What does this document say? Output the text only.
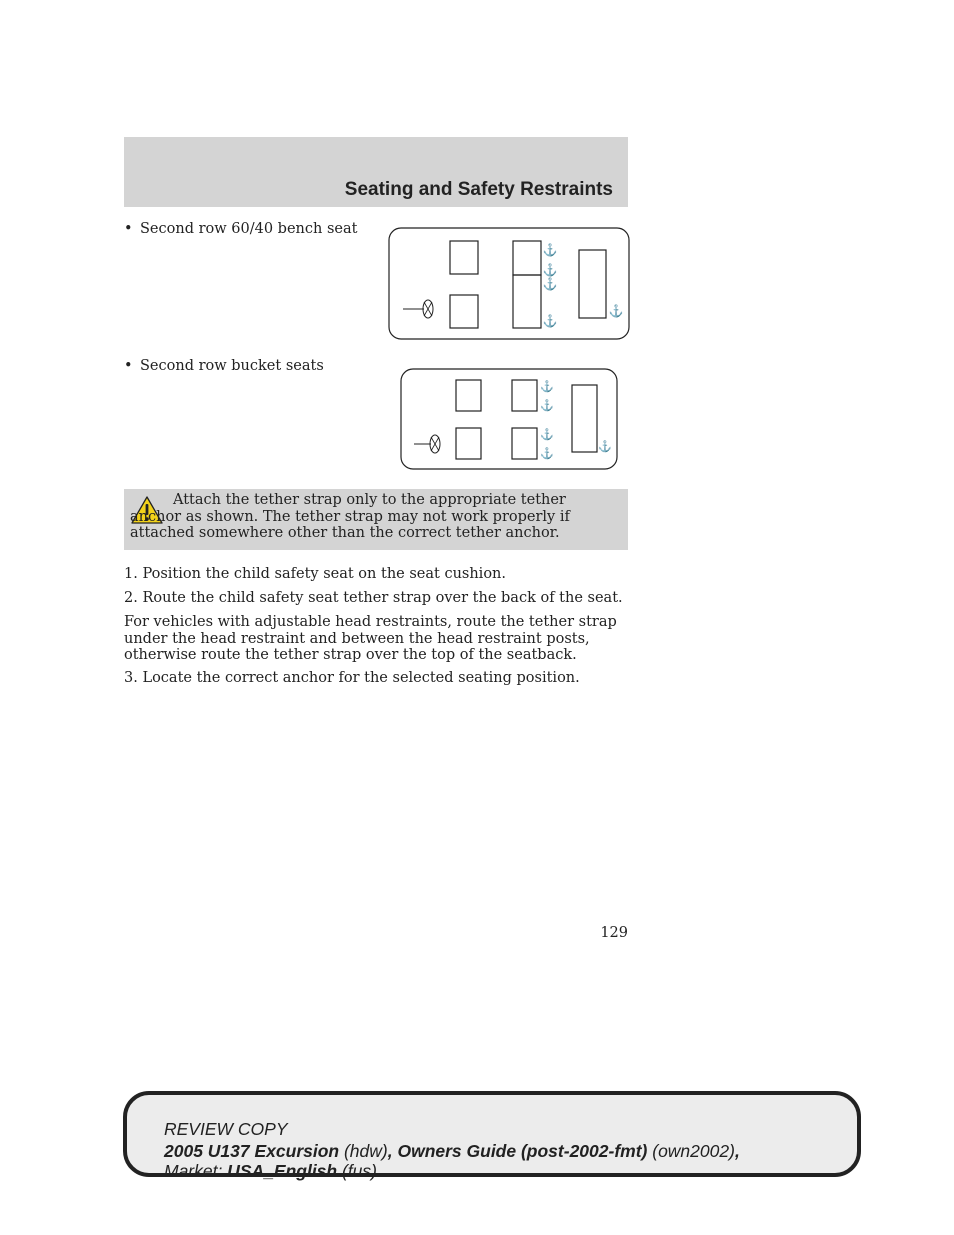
Seating and Safety Restraints
• Second row 60/40 bench seat
⚓
⚓
⚓
⚓
⚓
• Second row bucket seats
⚓
⚓
⚓
⚓
⚓
Attach the tether strap only to the appropriate tether anchor as shown. The tether strap may not work properly if attached somewhere other than the correct tether anchor.
1. Position the child safety seat on the seat cushion.
2. Route the child safety seat tether strap over the back of the seat.
For vehicles with adjustable head restraints, route the tether strap under the head restraint and between the head restraint posts, otherwise route the tether strap over the top of the seatback.
3. Locate the correct anchor for the selected seating position.
129
REVIEW COPY
2005 U137 Excursion (hdw), Owners Guide (post-2002-fmt) (own2002),
Market: USA_English (fus)
